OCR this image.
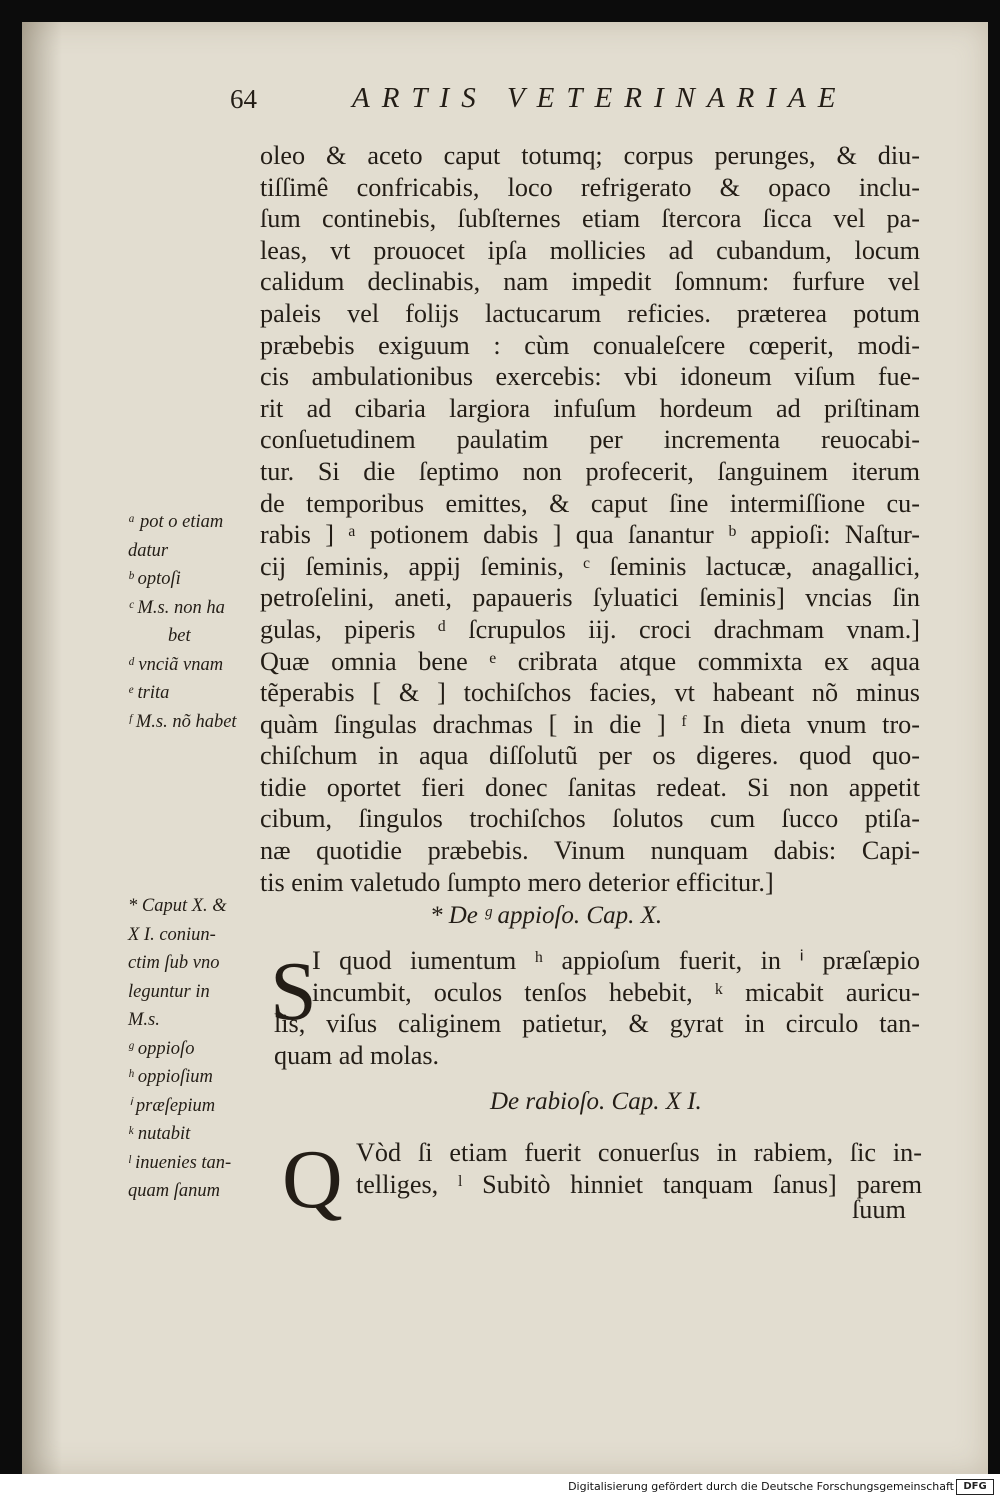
64	ARTIS VETERINARIAE
oleo & aceto caput totumq; corpus perunges, & diu-
tiſſimê confricabis, loco refrigerato & opaco inclu-
ſum continebis, ſubſternes etiam ſtercora ſicca vel pa-
leas, vt prouocet ipſa mollicies ad cubandum, locum
calidum declinabis, nam impedit ſomnum: furfure vel
paleis vel folijs lactucarum reficies. præterea potum
præbebis exiguum : cùm conualeſcere cœperit, modi-
cis ambulationibus exercebis: vbi idoneum viſum fue-
rit ad cibaria largiora infuſum hordeum ad priſtinam
conſuetudinem paulatim per incrementa reuocabi-
tur. Si die ſeptimo non profecerit, ſanguinem iterum
de temporibus emittes, & caput ſine intermiſſione cu-
rabis ] ᵃ potionem dabis ] qua ſanantur ᵇ appioſi: Naſtur-
cij ſeminis, appij ſeminis, ᶜ ſeminis lactucæ, anagallici,
petroſelini, aneti, papaueris ſyluatici ſeminis] vncias ſin
gulas, piperis ᵈ ſcrupulos iij. croci drachmam vnam.]
Quæ omnia bene ᵉ cribrata atque commixta ex aqua
tẽperabis [ & ] tochiſchos facies, vt habeant nõ minus
quàm ſingulas drachmas [ in die ] ᶠ In dieta vnum tro-
chiſchum in aqua diſſolutũ per os digeres. quod quo-
tidie oportet fieri donec ſanitas redeat. Si non appetit
cibum, ſingulos trochiſchos ſolutos cum ſucco ptiſa-
næ quotidie præbebis. Vinum nunquam dabis: Capi-
tis enim valetudo ſumpto mero deterior efficitur.]
ᵃ pot o etiam
datur
ᵇ optoſi
ᶜ M.s. non ha
bet
ᵈ vnciã vnam
ᵉ trita
ᶠ M.s. nõ habet
* Caput X. &
X I. coniun-
ctim ſub vno
leguntur in
M.s.
ᵍ oppioſo
ʰ oppioſium
ⁱ præſepium
ᵏ nutabit
ˡ inuenies tan-
quam ſanum
* De ᵍ appioſo. Cap. X.
S
I quod iumentum ʰ appioſum fuerit, in ⁱ præſæpio
incumbit, oculos tenſos hebebit, ᵏ micabit auricu-
lis, viſus caliginem patietur, & gyrat in circulo tan-
quam ad molas.
De rabioſo. Cap. X I.
Q Vòd ſi etiam fuerit conuerſus in rabiem, ſic in-
telliges, ˡ Subitò hinniet tanquam ſanus] parem
ſuum
Digitalisierung gefördert durch die Deutsche Forschungsgemeinschaft DFG
